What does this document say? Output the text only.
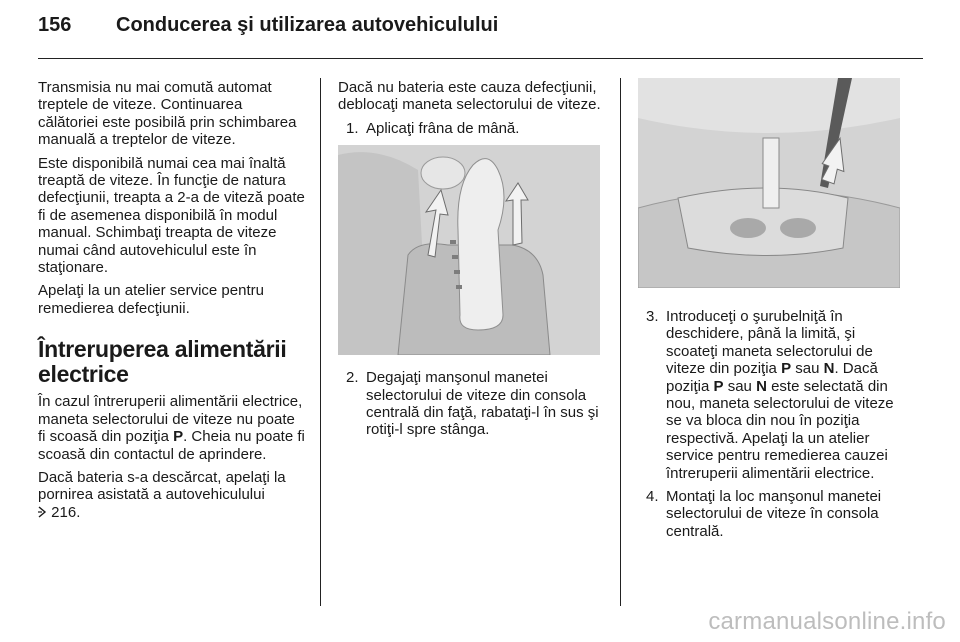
156	Conducerea şi utilizarea autovehiculului

Transmisia nu mai comută automat treptele de viteze. Continuarea călătoriei este posibilă prin schimbarea manuală a treptelor de viteze.

Este disponibilă numai cea mai înaltă treaptă de viteze. În funcţie de natura defecţiunii, treapta a 2-a de viteză poate fi de asemenea disponibilă în modul manual. Schimbaţi treapta de viteze numai când autovehiculul este în staţionare.

Apelaţi la un atelier service pentru remedierea defecţiunii.

Întreruperea alimentării electrice

În cazul întreruperii alimentării electrice, maneta selectorului de viteze nu poate fi scoasă din poziţia P. Cheia nu poate fi scoasă din contactul de aprindere.

Dacă bateria s-a descărcat, apelaţi la pornirea asistată a autovehiculului
216.

Dacă nu bateria este cauza defecţiunii, deblocaţi maneta selectorului de viteze.

1. Aplicaţi frâna de mână.
2. Degajaţi manşonul manetei selectorului de viteze din consola centrală din faţă, rabataţi-l în sus şi rotiţi-l spre stânga.
3. Introduceţi o şurubelniţă în deschidere, până la limită, şi scoateţi maneta selectorului de viteze din poziţia P sau N. Dacă poziţia P sau N este selectată din nou, maneta selectorului de viteze se va bloca din nou în poziţia respectivă. Apelaţi la un atelier service pentru remedierea cauzei întreruperii alimentării electrice.
4. Montaţi la loc manşonul manetei selectorului de viteze în consola centrală.
carmanualsonline.info
